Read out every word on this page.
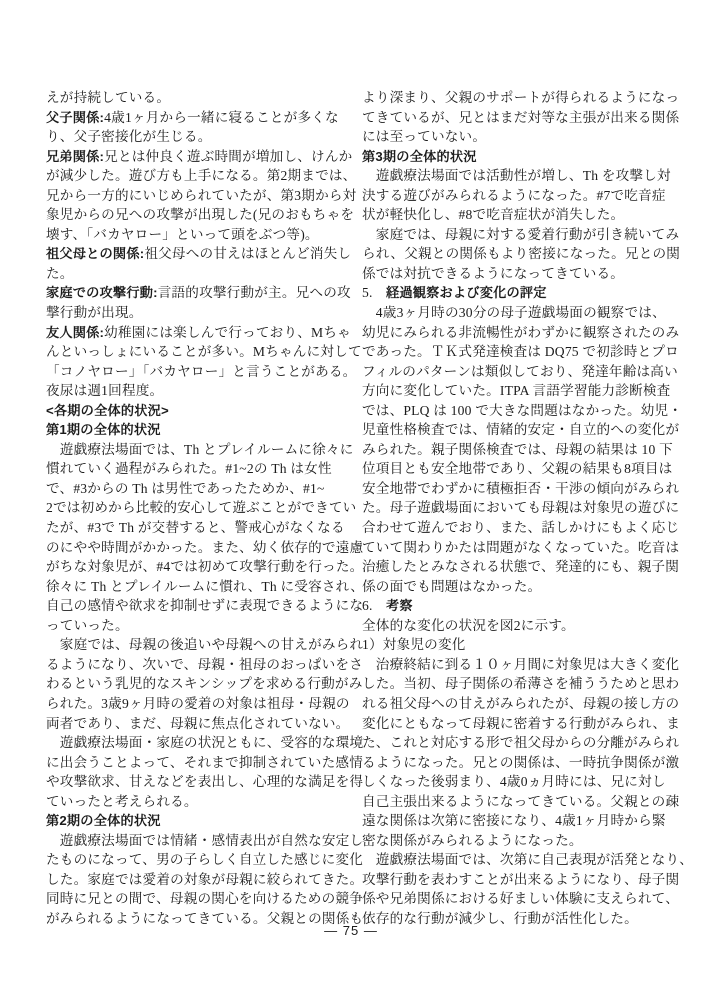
えが持続している。
父子関係:4歳1ヶ月から一緒に寝ることが多くな
り、父子密接化が生じる。
兄弟関係:兄とは仲良く遊ぶ時間が増加し、けんか
が減少した。遊び方も上手になる。第2期までは、
兄から一方的にいじめられていたが、第3期から対
象児からの兄への攻撃が出現した(兄のおもちゃを
壊す、「バカヤロー」といって頭をぶつ等)。
祖父母との関係:祖父母への甘えはほとんど消失し
た。
家庭での攻撃行動:言語的攻撃行動が主。兄への攻
撃行動が出現。
友人関係:幼稚園には楽しんで行っており、Mちゃ
んといっしょにいることが多い。Mちゃんに対して
「コノヤロー」「バカヤロー」と言うことがある。
夜尿は週1回程度。
<各期の全体的状況>
第1期の全体的状況
　遊戯療法場面では、Th とプレイルームに徐々に
慣れていく過程がみられた。#1~2の Th は女性
で、#3からの Th は男性であったためか、#1~
2では初めから比較的安心して遊ぶことができてい
たが、#3で Th が交替すると、警戒心がなくなる
のにやや時間がかかった。また、幼く依存的で遠慮
がちな対象児が、#4では初めて攻撃行動を行った。
徐々に Th とプレイルームに慣れ、Th に受容され、
自己の感情や欲求を抑制せずに表現できるようにな
っていった。
　家庭では、母親の後追いや母親への甘えがみられ
るようになり、次いで、母親・祖母のおっぱいをさ
わるという乳児的なスキンシップを求める行動がみ
られた。3歳9ヶ月時の愛着の対象は祖母・母親の
両者であり、まだ、母親に焦点化されていない。
　遊戯療法場面・家庭の状況ともに、受容的な環境
に出会うことよって、それまで抑制されていた感情
や攻撃欲求、甘えなどを表出し、心理的な満足を得
ていったと考えられる。
第2期の全体的状況
　遊戯療法場面では情緒・感情表出が自然な安定し
たものになって、男の子らしく自立した感じに変化
した。家庭では愛着の対象が母親に絞られてきた。
同時に兄との間で、母親の関心を向けるための競争
がみられるようになってきている。父親との関係も
より深まり、父親のサポートが得られるようになっ
てきているが、兄とはまだ対等な主張が出来る関係
には至っていない。
第3期の全体的状況
　遊戯療法場面では活動性が増し、Th を攻撃し対
決する遊びがみられるようになった。#7で吃音症
状が軽快化し、#8で吃音症状が消失した。
　家庭では、母親に対する愛着行動が引き続いてみ
られ、父親との関係もより密接になった。兄との関
係では対抗できるようになってきている。
5.　経過観察および変化の評定
　4歳3ヶ月時の30分の母子遊戯場面の観察では、
幼児にみられる非流暢性がわずかに観察されたのみ
であった。ＴＫ式発達検査は DQ75 で初診時とプロ
フィルのパターンは類似しており、発達年齢は高い
方向に変化していた。ITPA 言語学習能力診断検査
では、PLQ は 100 で大きな問題はなかった。幼児・
児童性格検査では、情緒的安定・自立的への変化が
みられた。親子関係検査では、母親の結果は 10 下
位項目とも安全地帯であり、父親の結果も8項目は
安全地帯でわずかに積極拒否・干渉の傾向がみられ
た。母子遊戯場面においても母親は対象児の遊びに
合わせて遊んでおり、また、話しかけにもよく応じ
ていて関わりかたは問題がなくなっていた。吃音は
治癒したとみなされる状態で、発達的にも、親子関
係の面でも問題はなかった。
6.　考察
全体的な変化の状況を図2に示す。
1）対象児の変化
　治療終結に到る１０ヶ月間に対象児は大きく変化
した。当初、母子関係の希薄さを補ううためと思わ
れる祖父母への甘えがみられたが、母親の接し方の
変化にともなって母親に密着する行動がみられ、ま
た、これと対応する形で祖父母からの分離がみられ
るようになった。兄との関係は、一時抗争関係が激
しくなった後弱まり、4歳0ヵ月時には、兄に対し
自己主張出来るようになってきている。父親との疎
遠な関係は次第に密接になり、4歳1ヶ月時から緊
密な関係がみられるようになった。
　遊戯療法場面では、次第に自己表現が活発となり、
攻撃行動を表わすことが出来るようになり、母子関
係や兄弟関係における好ましい体験に支えられて、
依存的な行動が減少し、行動が活性化した。
— 75 —
